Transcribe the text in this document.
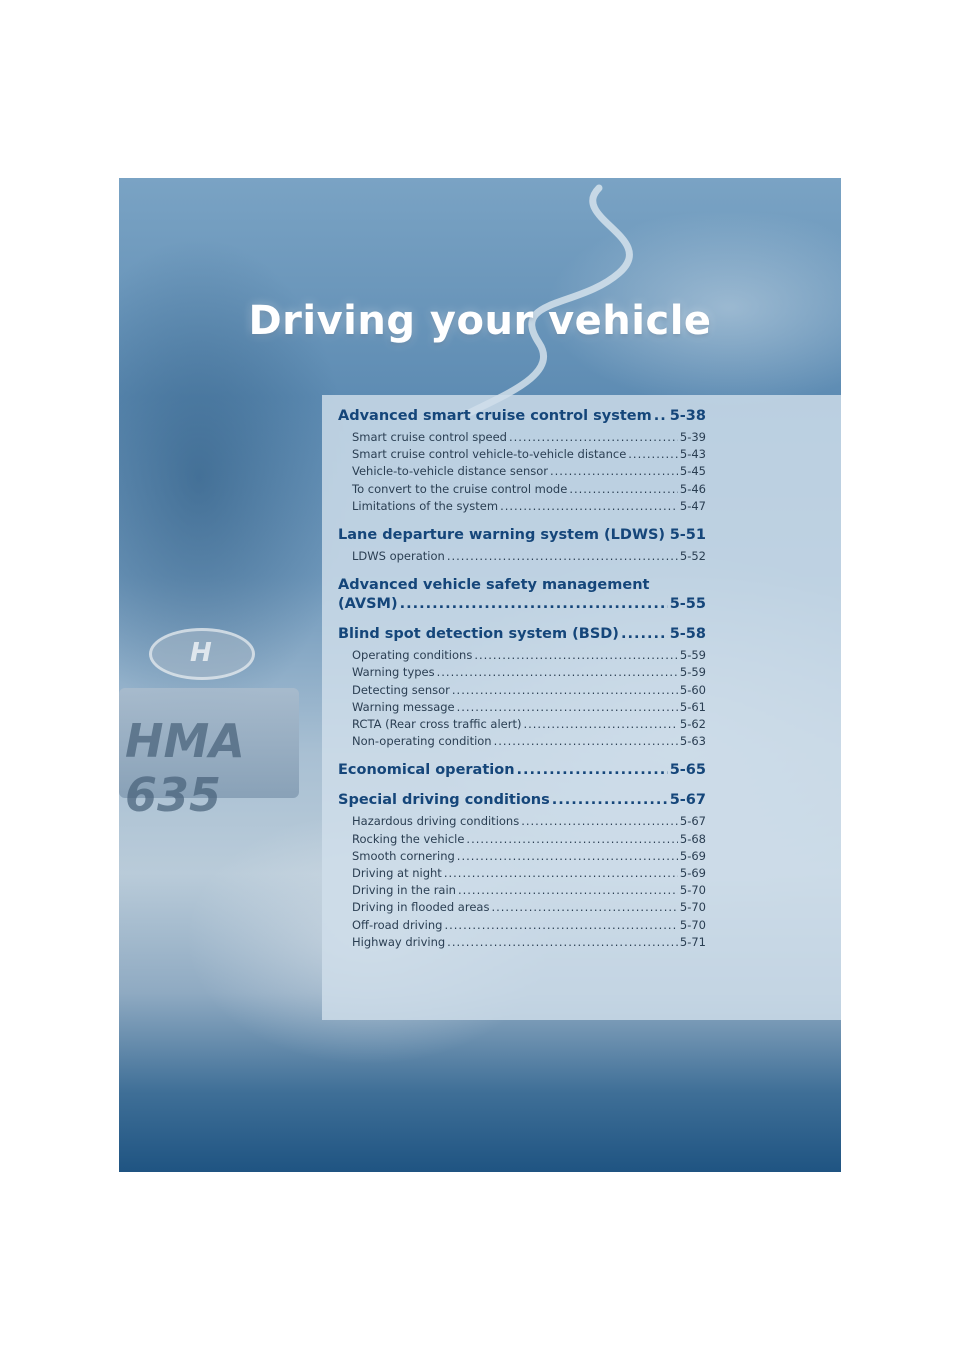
H
HMA 635
Driving your vehicle
Advanced smart cruise control system ..... 5-38
Smart cruise control speed .....	5-39
Smart cruise control vehicle-to-vehicle distance .....	5-43
Vehicle-to-vehicle distance sensor .....	5-45
To convert to the cruise control mode .....	5-46
Limitations of the system .....	5-47
Lane departure warning system (LDWS) ..... 5-51
LDWS operation .....	5-52
Advanced vehicle safety management
(AVSM) .....	5-55
Blind spot detection system (BSD) .....	5-58
Operating conditions .....	5-59
Warning types .....	5-59
Detecting sensor .....	5-60
Warning message .....	5-61
RCTA (Rear cross traffic alert) .....	5-62
Non-operating condition .....	5-63
Economical operation .....	5-65
Special driving conditions .....	5-67
Hazardous driving conditions .....	5-67
Rocking the vehicle .....	5-68
Smooth cornering .....	5-69
Driving at night .....	5-69
Driving in the rain .....	5-70
Driving in flooded areas .....	5-70
Off-road driving .....	5-70
Highway driving .....	5-71
